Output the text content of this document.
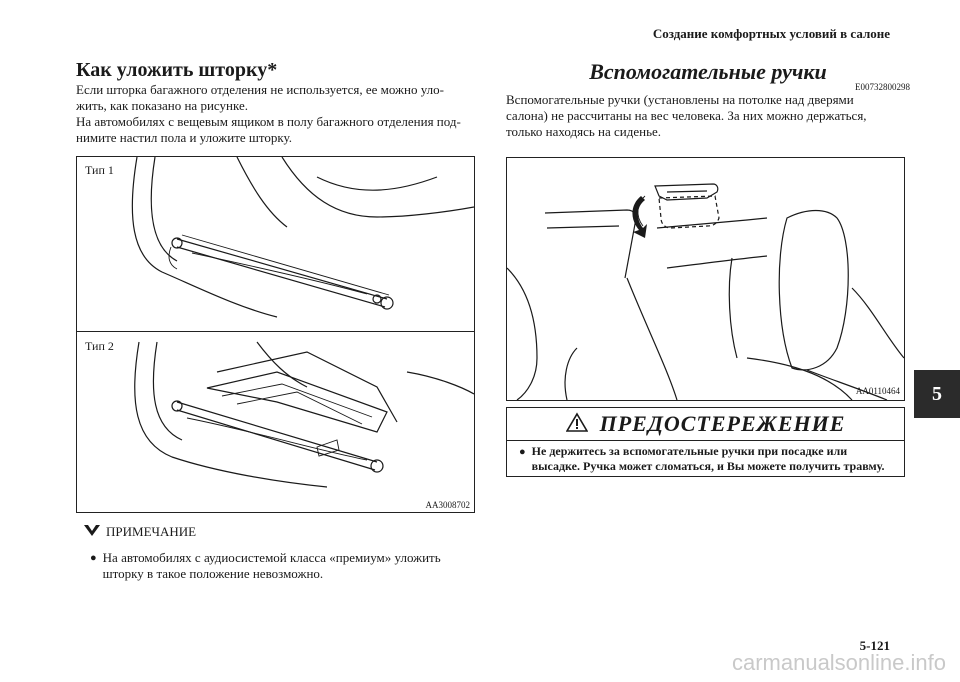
Создание комфортных условий в салоне
Как уложить шторку*

Если шторка багажного отделения не используется, ее можно уло-
жить, как показано на рисунке.

На автомобилях с вещевым ящиком в полу багажного отделения под-
нимите настил пола и уложите шторку.

Тип 1
Тип 2
AA3008702
ПРИМЕЧАНИЕ
● На автомобилях с аудиосистемой класса «премиум» уложить
шторку в такое положение невозможно.
Вспомогательные ручки
E00732800298

Вспомогательные ручки (установлены на потолке над дверями
салона) не рассчитаны на вес человека. За них можно держаться,
только находясь на сиденье.

AA0110464
ПРЕДОСТЕРЕЖЕНИЕ
● Не держитесь за вспомогательные ручки при посадке или
высадке. Ручка может сломаться, и Вы можете получить травму.
5
5-121
carmanualsonline.info
